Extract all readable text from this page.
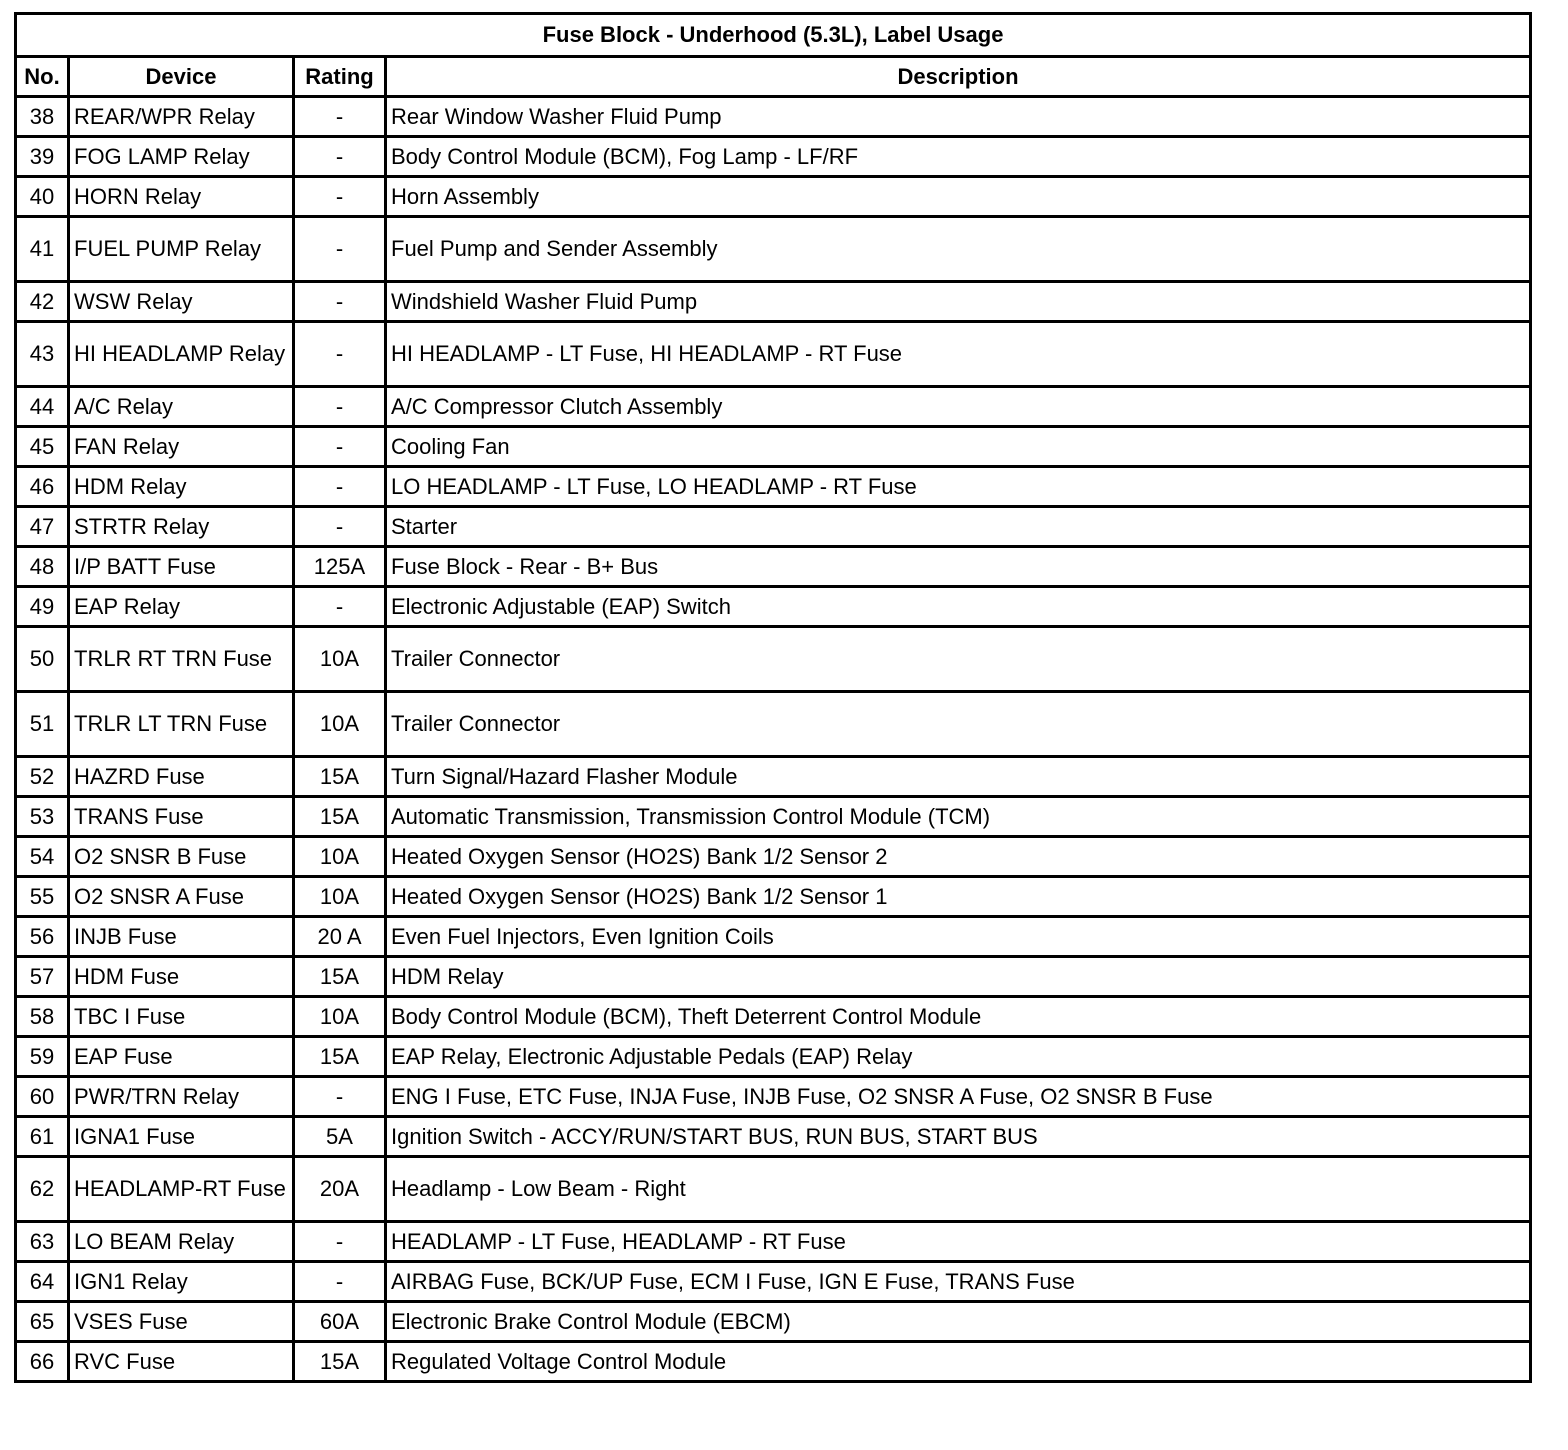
Fuse Block - Underhood (5.3L), Label Usage			
No.	Device	Rating	Description
38	REAR/WPR Relay	-	Rear Window Washer Fluid Pump
39	FOG LAMP Relay	-	Body Control Module (BCM), Fog Lamp - LF/RF
40	HORN Relay	-	Horn Assembly
41	FUEL PUMP Relay	-	Fuel Pump and Sender Assembly
42	WSW Relay	-	Windshield Washer Fluid Pump
43	HI HEADLAMP Relay	-	HI HEADLAMP - LT Fuse, HI HEADLAMP - RT Fuse
44	A/C Relay	-	A/C Compressor Clutch Assembly
45	FAN Relay	-	Cooling Fan
46	HDM Relay	-	LO HEADLAMP - LT Fuse, LO HEADLAMP - RT Fuse
47	STRTR Relay	-	Starter
48	I/P BATT Fuse	125A	Fuse Block - Rear - B+ Bus
49	EAP Relay	-	Electronic Adjustable (EAP) Switch
50	TRLR RT TRN Fuse	10A	Trailer Connector
51	TRLR LT TRN Fuse	10A	Trailer Connector
52	HAZRD Fuse	15A	Turn Signal/Hazard Flasher Module
53	TRANS Fuse	15A	Automatic Transmission, Transmission Control Module (TCM)
54	O2 SNSR B Fuse	10A	Heated Oxygen Sensor (HO2S) Bank 1/2 Sensor 2
55	O2 SNSR A Fuse	10A	Heated Oxygen Sensor (HO2S) Bank 1/2 Sensor 1
56	INJB Fuse	20 A	Even Fuel Injectors, Even Ignition Coils
57	HDM Fuse	15A	HDM Relay
58	TBC I Fuse	10A	Body Control Module (BCM), Theft Deterrent Control Module
59	EAP Fuse	15A	EAP Relay, Electronic Adjustable Pedals (EAP) Relay
60	PWR/TRN Relay	-	ENG I Fuse, ETC Fuse, INJA Fuse, INJB Fuse, O2 SNSR A Fuse, O2 SNSR B Fuse
61	IGNA1 Fuse	5A	Ignition Switch - ACCY/RUN/START BUS, RUN BUS, START BUS
62	HEADLAMP-RT Fuse	20A	Headlamp - Low Beam - Right
63	LO BEAM Relay	-	HEADLAMP - LT Fuse, HEADLAMP - RT Fuse
64	IGN1 Relay	-	AIRBAG Fuse, BCK/UP Fuse, ECM I Fuse, IGN E Fuse, TRANS Fuse
65	VSES Fuse	60A	Electronic Brake Control Module (EBCM)
66	RVC Fuse	15A	Regulated Voltage Control Module
